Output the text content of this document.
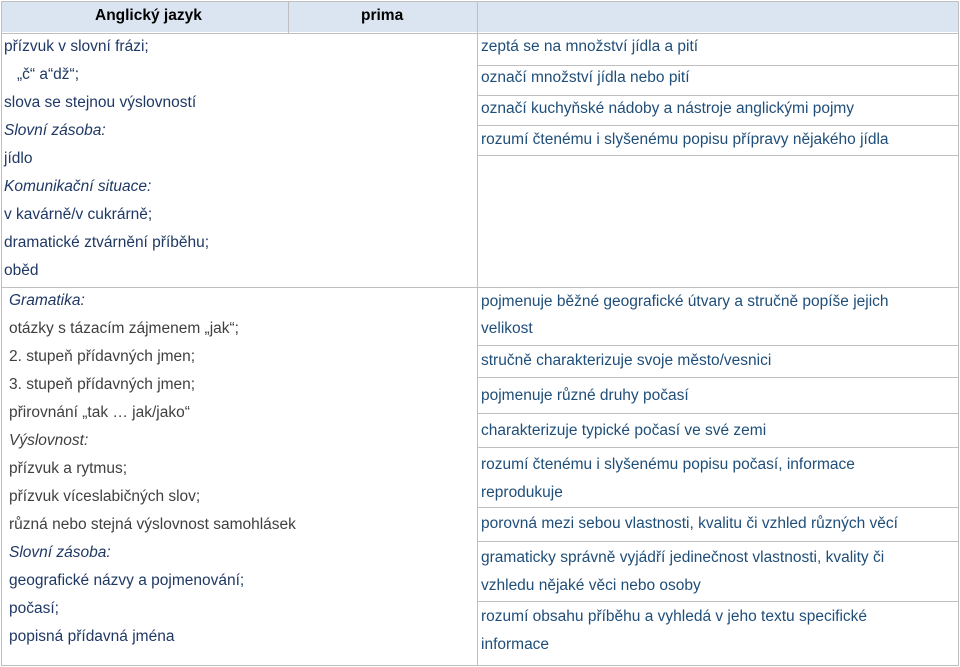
Anglický jazyk	prima
přízvuk v slovní frázi;
„č“ a“dž“;
slova se stejnou výslovností
Slovní zásoba:
jídlo
Komunikační situace:
v kavárně/v cukrárně;
dramatické ztvárnění příběhu;
oběd
zeptá se na množství jídla a pití
označí množství jídla nebo pití
označí kuchyňské nádoby a nástroje anglickými pojmy
rozumí čtenému i slyšenému popisu přípravy nějakého jídla
Gramatika:
otázky s tázacím zájmenem „jak“;
2. stupeň přídavných jmen;
3. stupeň přídavných jmen;
přirovnání „tak … jak/jako“
Výslovnost:
přízvuk a rytmus;
přízvuk víceslabičných slov;
různá nebo stejná výslovnost samohlásek
Slovní zásoba:
geografické názvy a pojmenování;
počasí;
popisná přídavná jména
pojmenuje běžné geografické útvary a stručně popíše jejich
velikost
stručně charakterizuje svoje město/vesnici
pojmenuje různé druhy počasí
charakterizuje typické počasí ve své zemi
rozumí čtenému i slyšenému popisu počasí, informace
reprodukuje
porovná mezi sebou vlastnosti, kvalitu či vzhled různých věcí
gramaticky správně vyjádří jedinečnost vlastnosti, kvality či
vzhledu nějaké věci nebo osoby
rozumí obsahu příběhu a vyhledá v jeho textu specifické
informace
